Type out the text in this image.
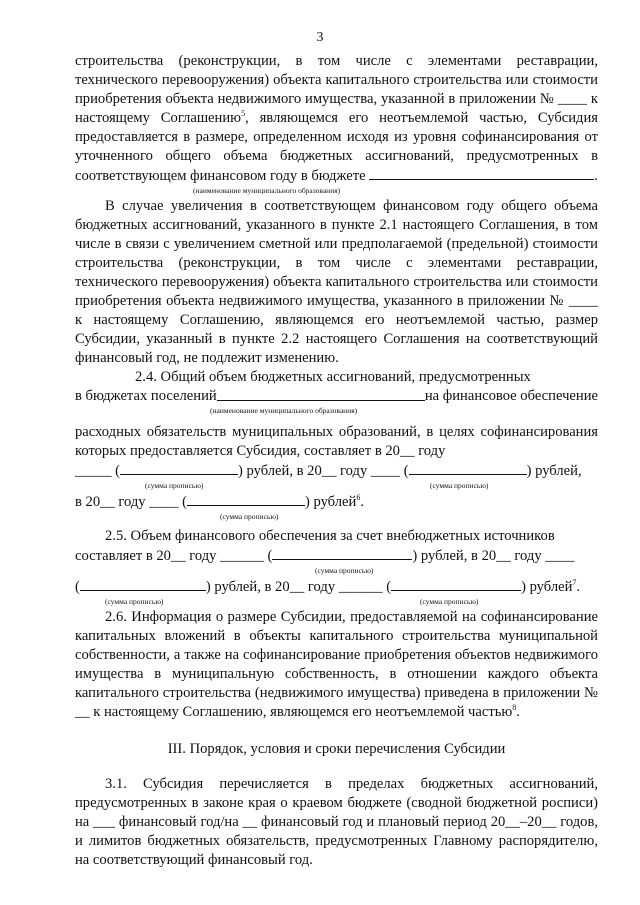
3

строительства (реконструкции, в том числе с элементами реставрации, технического перевооружения) объекта капитального строительства или стоимости приобретения объекта недвижимого имущества, указанной в приложении № ____ к настоящему Соглашению$^5$, являющемся его неотъемлемой частью, Субсидия предоставляется в размере, определенном исходя из уровня софинансирования от уточненного общего объема бюджетных ассигнований, предусмотренных в соответствующем финансовом году в бюджете	.

(наименование муниципального образования)

В случае увеличения в соответствующем финансовом году общего объема бюджетных ассигнований, указанного в пункте 2.1 настоящего Соглашения, в том числе в связи с увеличением сметной или предполагаемой (предельной) стоимости строительства (реконструкции, в том числе с элементами реставрации, технического перевооружения) объекта капитального строительства или стоимости приобретения объекта недвижимого имущества, указанного в приложении № ____ к настоящему Соглашению, являющемся его неотъемлемой частью, размер Субсидии, указанный в пункте 2.2 настоящего Соглашения на соответствующий финансовый год, не подлежит изменению.

2.4. Общий объем бюджетных ассигнований, предусмотренных
в бюджетах поселений	на финансовое обеспечение
(наименование муниципального образования)

расходных обязательств муниципальных образований, в целях софинансирования которых предоставляется Субсидия, составляет в 20__ году

_____ (	) рублей, в 20__ году ____ (	) рублей,
(сумма прописью)	(сумма прописью)
в 20__ году ____ (	) рублей$^6$.
(сумма прописью)
2.5. Объем финансового обеспечения за счет внебюджетных источников
составляет в 20__ году ______ (	) рублей, в 20__ году ____
(сумма прописью)
(	) рублей, в 20__ году ______ (	) рублей$^7$.
(сумма прописью)	(сумма прописью)

2.6. Информация о размере Субсидии, предоставляемой на софинансирование капитальных вложений в объекты капитального строительства муниципальной собственности, а также на софинансирование приобретения объектов недвижимого имущества в муниципальную собственность, в отношении каждого объекта капитального строительства (недвижимого имущества) приведена в приложении № __ к настоящему Соглашению, являющемся его неотъемлемой частью$^8$.

III. Порядок, условия и сроки перечисления Субсидии

3.1. Субсидия перечисляется в пределах бюджетных ассигнований, предусмотренных в законе края о краевом бюджете (сводной бюджетной росписи) на ___ финансовый год/на __ финансовый год и плановый период 20__–20__ годов, и лимитов бюджетных обязательств, предусмотренных Главному распорядителю, на соответствующий финансовый год.
